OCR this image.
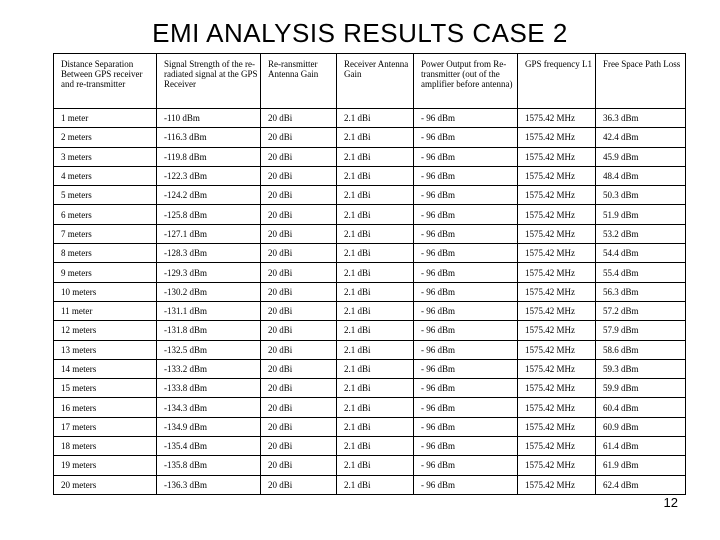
EMI ANALYSIS RESULTS CASE 2
Distance Separation Between GPS receiver and re-transmitter	Signal Strength of the re-radiated signal at the GPS Receiver	Re-ransmitter Antenna Gain	Receiver Antenna Gain	Power Output from Re-transmitter (out of the amplifier before antenna)	GPS frequency L1	Free Space Path Loss
1 meter	-110 dBm	20 dBi	2.1 dBi	- 96 dBm	1575.42 MHz	36.3 dBm
2 meters	-116.3 dBm	20 dBi	2.1 dBi	- 96 dBm	1575.42 MHz	42.4 dBm
3 meters	-119.8 dBm	20 dBi	2.1 dBi	- 96 dBm	1575.42 MHz	45.9 dBm
4 meters	-122.3 dBm	20 dBi	2.1 dBi	- 96 dBm	1575.42 MHz	48.4 dBm
5 meters	-124.2 dBm	20 dBi	2.1 dBi	- 96 dBm	1575.42 MHz	50.3 dBm
6 meters	-125.8 dBm	20 dBi	2.1 dBi	- 96 dBm	1575.42 MHz	51.9 dBm
7 meters	-127.1 dBm	20 dBi	2.1 dBi	- 96 dBm	1575.42 MHz	53.2 dBm
8 meters	-128.3 dBm	20 dBi	2.1 dBi	- 96 dBm	1575.42 MHz	54.4 dBm
9 meters	-129.3 dBm	20 dBi	2.1 dBi	- 96 dBm	1575.42 MHz	55.4 dBm
10 meters	-130.2 dBm	20 dBi	2.1 dBi	- 96 dBm	1575.42 MHz	56.3 dBm
11 meter	-131.1 dBm	20 dBi	2.1 dBi	- 96 dBm	1575.42 MHz	57.2 dBm
12 meters	-131.8 dBm	20 dBi	2.1 dBi	- 96 dBm	1575.42 MHz	57.9 dBm
13 meters	-132.5 dBm	20 dBi	2.1 dBi	- 96 dBm	1575.42 MHz	58.6 dBm
14 meters	-133.2 dBm	20 dBi	2.1 dBi	- 96 dBm	1575.42 MHz	59.3 dBm
15 meters	-133.8 dBm	20 dBi	2.1 dBi	- 96 dBm	1575.42 MHz	59.9 dBm
16 meters	-134.3 dBm	20 dBi	2.1 dBi	- 96 dBm	1575.42 MHz	60.4 dBm
17 meters	-134.9 dBm	20 dBi	2.1 dBi	- 96 dBm	1575.42 MHz	60.9 dBm
18 meters	-135.4 dBm	20 dBi	2.1 dBi	- 96 dBm	1575.42 MHz	61.4 dBm
19 meters	-135.8 dBm	20 dBi	2.1 dBi	- 96 dBm	1575.42 MHz	61.9 dBm
20 meters	-136.3 dBm	20 dBi	2.1 dBi	- 96 dBm	1575.42 MHz	62.4 dBm
12
